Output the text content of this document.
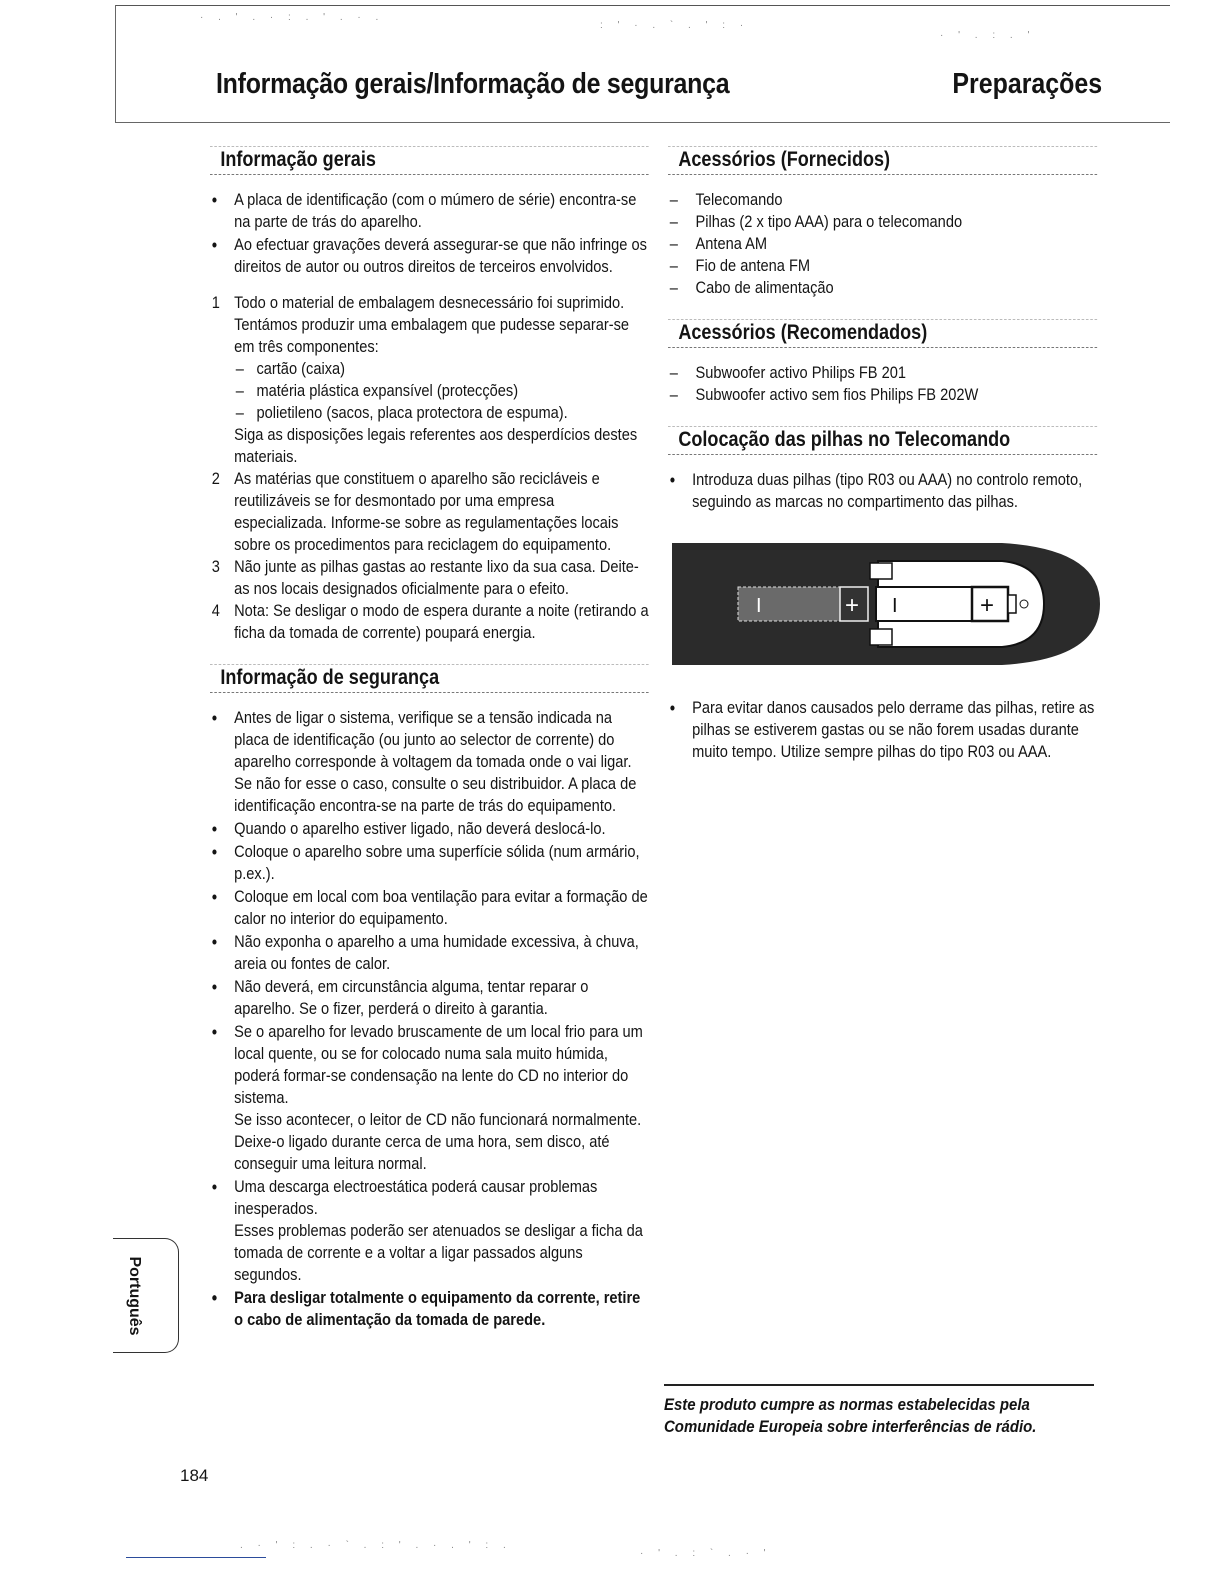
· . ' . · : . ' . · .
: ' · . ` . ' : ·
· ' . : . '
Informação gerais/Informação de segurança	Preparações
Informação gerais
• A placa de identificação (com o múmero de série) encontra-se na parte de trás do aparelho.
• Ao efectuar gravações deverá assegurar-se que não infringe os direitos de autor ou outros direitos de terceiros envolvidos.
1 Todo o material de embalagem desnecessário foi suprimido. Tentámos produzir uma embalagem que pudesse separar-se em três componentes:
– cartão (caixa)
– matéria plástica expansível (protecções)
– polietileno (sacos, placa protectora de espuma).
Siga as disposições legais referentes aos desperdícios destes materiais.
2 As matérias que constituem o aparelho são recicláveis e reutilizáveis se for desmontado por uma empresa especializada. Informe-se sobre as regulamentações locais sobre os procedimentos para reciclagem do equipamento.
3 Não junte as pilhas gastas ao restante lixo da sua casa. Deite-as nos locais designados oficialmente para o efeito.
4 Nota: Se desligar o modo de espera durante a noite (retirando a ficha da tomada de corrente) poupará energia.
Informação de segurança
• Antes de ligar o sistema, verifique se a tensão indicada na placa de identificação (ou junto ao selector de corrente) do aparelho corresponde à voltagem da tomada onde o vai ligar. Se não for esse o caso, consulte o seu distribuidor. A placa de identificação encontra-se na parte de trás do equipamento.
• Quando o aparelho estiver ligado, não deverá deslocá-lo.
• Coloque o aparelho sobre uma superfície sólida (num armário, p.ex.).
• Coloque em local com boa ventilação para evitar a formação de calor no interior do equipamento.
• Não exponha o aparelho a uma humidade excessiva, à chuva, areia ou fontes de calor.
• Não deverá, em circunstância alguma, tentar reparar o aparelho. Se o fizer, perderá o direito à garantia.
• Se o aparelho for levado bruscamente de um local frio para um local quente, ou se for colocado numa sala muito húmida, poderá formar-se condensação na lente do CD no interior do sistema.
Se isso acontecer, o leitor de CD não funcionará normalmente. Deixe-o ligado durante cerca de uma hora, sem disco, até conseguir uma leitura normal.
• Uma descarga electroestática poderá causar problemas inesperados.
Esses problemas poderão ser atenuados se desligar a ficha da tomada de corrente e a voltar a ligar passados alguns segundos.
• Para desligar totalmente o equipamento da corrente, retire o cabo de alimentação da tomada de parede.
Acessórios (Fornecidos)
– Telecomando
– Pilhas (2 x tipo AAA) para o telecomando
– Antena AM
– Fio de antena FM
– Cabo de alimentação
Acessórios (Recomendados)
– Subwoofer activo Philips FB 201
– Subwoofer activo sem fios Philips FB 202W
Colocação das pilhas no Telecomando
• Introduza duas pilhas (tipo R03 ou AAA) no controlo remoto, seguindo as marcas no compartimento das pilhas.
I	+ I	+
• Para evitar danos causados pelo derrame das pilhas, retire as pilhas se estiverem gastas ou se não forem usadas durante muito tempo. Utilize sempre pilhas do tipo R03 ou AAA.
Este produto cumpre as normas estabelecidas pela Comunidade Europeia sobre interferências de rádio.
Português
184
. · ' : . · ` . : ' . · . ' : .
· ' . : ` . · '
